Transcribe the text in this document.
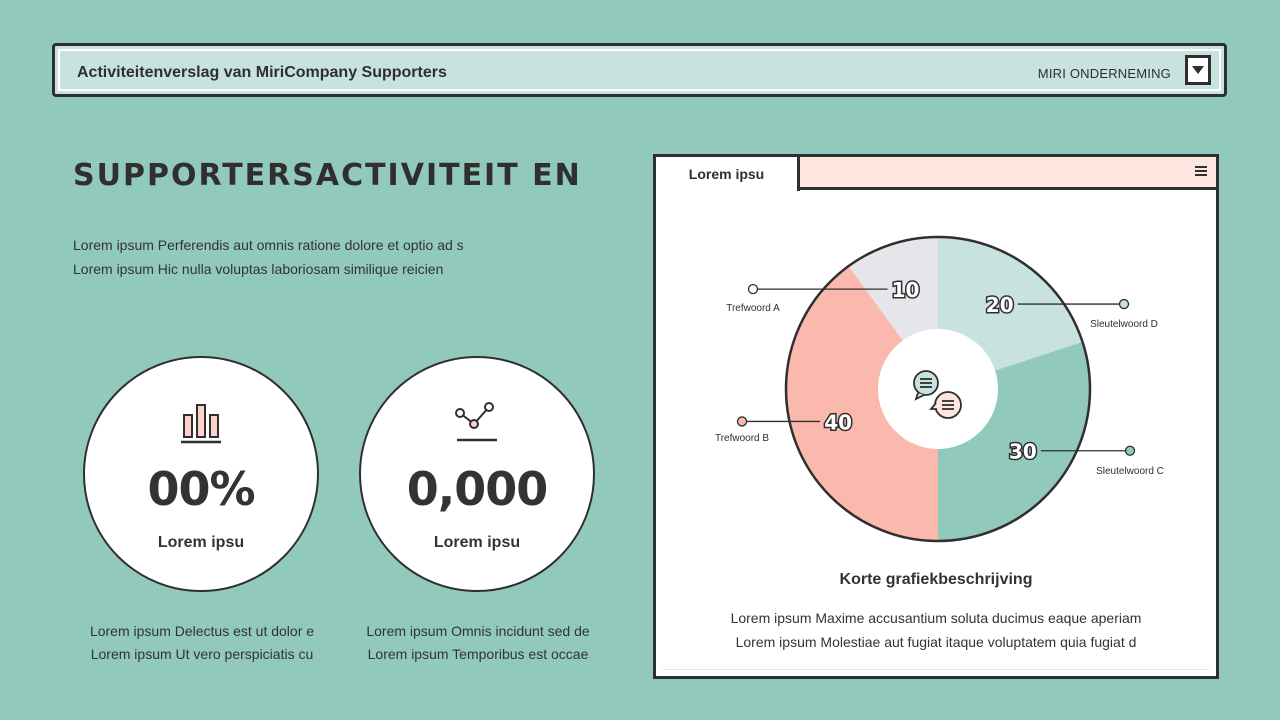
Activiteitenverslag van MiriCompany Supporters	MIRI ONDERNEMING
SUPPORTERSACTIVITEIT EN
Lorem ipsum Perferendis aut omnis ratione dolore et optio ad s
Lorem ipsum Hic nulla voluptas laboriosam similique reicien
00%
Lorem ipsu
Lorem ipsum Delectus est ut dolor e
Lorem ipsum Ut vero perspiciatis cu
0,000
Lorem ipsu
Lorem ipsum Omnis incidunt sed de
Lorem ipsum Temporibus est occae
Lorem ipsu
20
Sleutelwoord D
30
Sleutelwoord C
40
Trefwoord B
10
Trefwoord A
Korte grafiekbeschrijving
Lorem ipsum Maxime accusantium soluta ducimus eaque aperiam
Lorem ipsum Molestiae aut fugiat itaque voluptatem quia fugiat d
